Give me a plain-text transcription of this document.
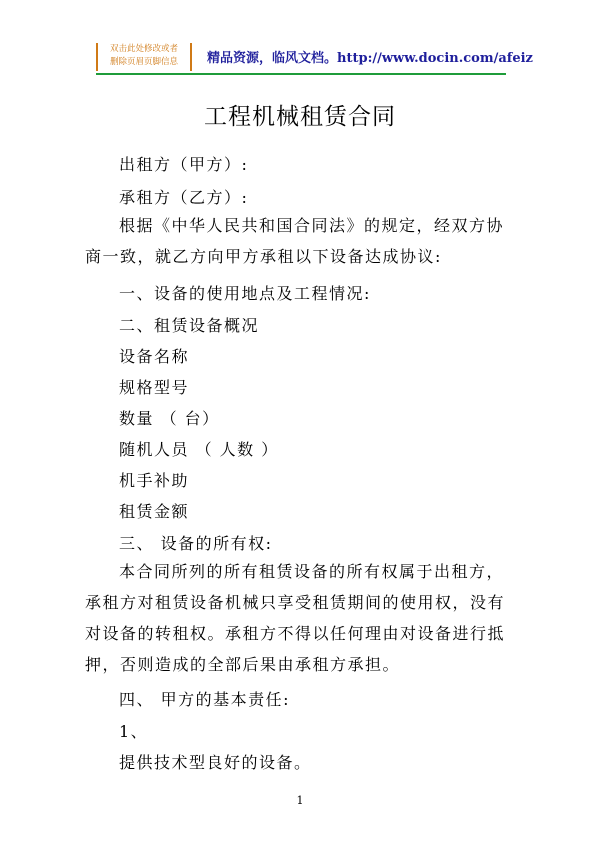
双击此处修改或者
删除页眉页脚信息	精品资源，临风文档。http://www.docin.com/afeiz
工程机械租赁合同
出租方（甲方）:
承租方（乙方）:
根据《中华人民共和国合同法》的规定，经双方协商一致，就乙方向甲方承租以下设备达成协议:
一、设备的使用地点及工程情况:
二、租赁设备概况
设备名称
规格型号
数量 （ 台）
随机人员 （ 人数 ）
机手补助
租赁金额
三、 设备的所有权:
本合同所列的所有租赁设备的所有权属于出租方，承租方对租赁设备机械只享受租赁期间的使用权，没有对设备的转租权。承租方不得以任何理由对设备进行抵押，否则造成的全部后果由承租方承担。
四、 甲方的基本责任:
1、
提供技术型良好的设备。
1
